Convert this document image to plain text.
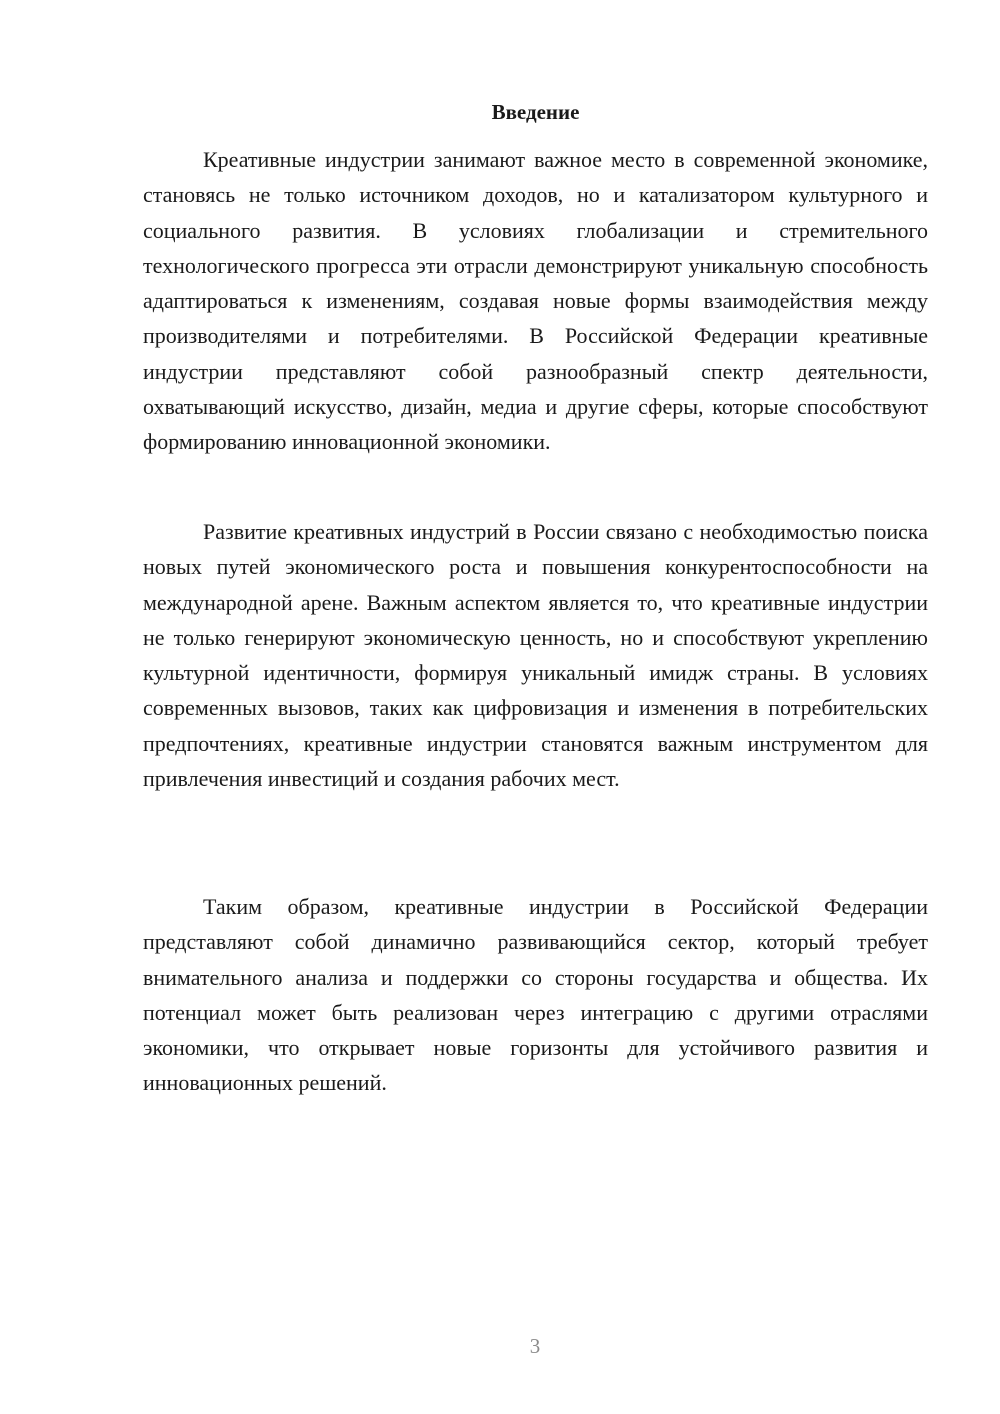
Введение

Креативные индустрии занимают важное место в современной экономике, становясь не только источником доходов, но и катализатором культурного и социального развития. В условиях глобализации и стремительного технологического прогресса эти отрасли демонстрируют уникальную способность адаптироваться к изменениям, создавая новые формы взаимодействия между производителями и потребителями. В Российской Федерации креативные индустрии представляют собой разнообразный спектр деятельности, охватывающий искусство, дизайн, медиа и другие сферы, которые способствуют формированию инновационной экономики.

Развитие креативных индустрий в России связано с необходимостью поиска новых путей экономического роста и повышения конкурентоспособности на международной арене. Важным аспектом является то, что креативные индустрии не только генерируют экономическую ценность, но и способствуют укреплению культурной идентичности, формируя уникальный имидж страны. В условиях современных вызовов, таких как цифровизация и изменения в потребительских предпочтениях, креативные индустрии становятся важным инструментом для привлечения инвестиций и создания рабочих мест.

Таким образом, креативные индустрии в Российской Федерации представляют собой динамично развивающийся сектор, который требует внимательного анализа и поддержки со стороны государства и общества. Их потенциал может быть реализован через интеграцию с другими отраслями экономики, что открывает новые горизонты для устойчивого развития и инновационных решений.

3
